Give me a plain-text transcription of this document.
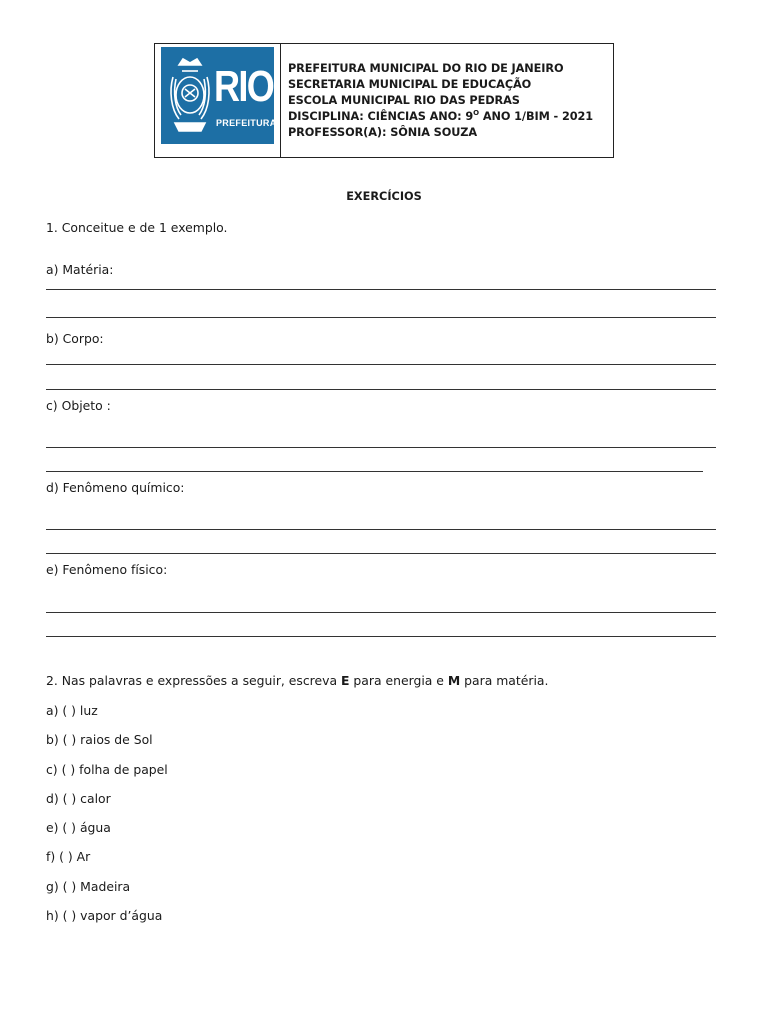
RIO
PREFEITURA
PREFEITURA MUNICIPAL DO RIO DE JANEIRO
SECRETARIA MUNICIPAL DE EDUCAÇÃO
ESCOLA MUNICIPAL RIO DAS PEDRAS
DISCIPLINA: CIÊNCIAS ANO: $9^O$ ANO 1/BIM - 2021
PROFESSOR(A): SÔNIA SOUZA
EXERCÍCIOS
1. Conceitue e de 1 exemplo.
a) Matéria:
b) Corpo:
c) Objeto :
d) Fenômeno químico:
e) Fenômeno físico:
2. Nas palavras e expressões a seguir, escreva E para energia e M para matéria.
a) ( ) luz
b) ( ) raios de Sol
c) ( ) folha de papel
d) ( ) calor
e) ( ) água
f) ( ) Ar
g) ( ) Madeira
h) ( ) vapor d’água
